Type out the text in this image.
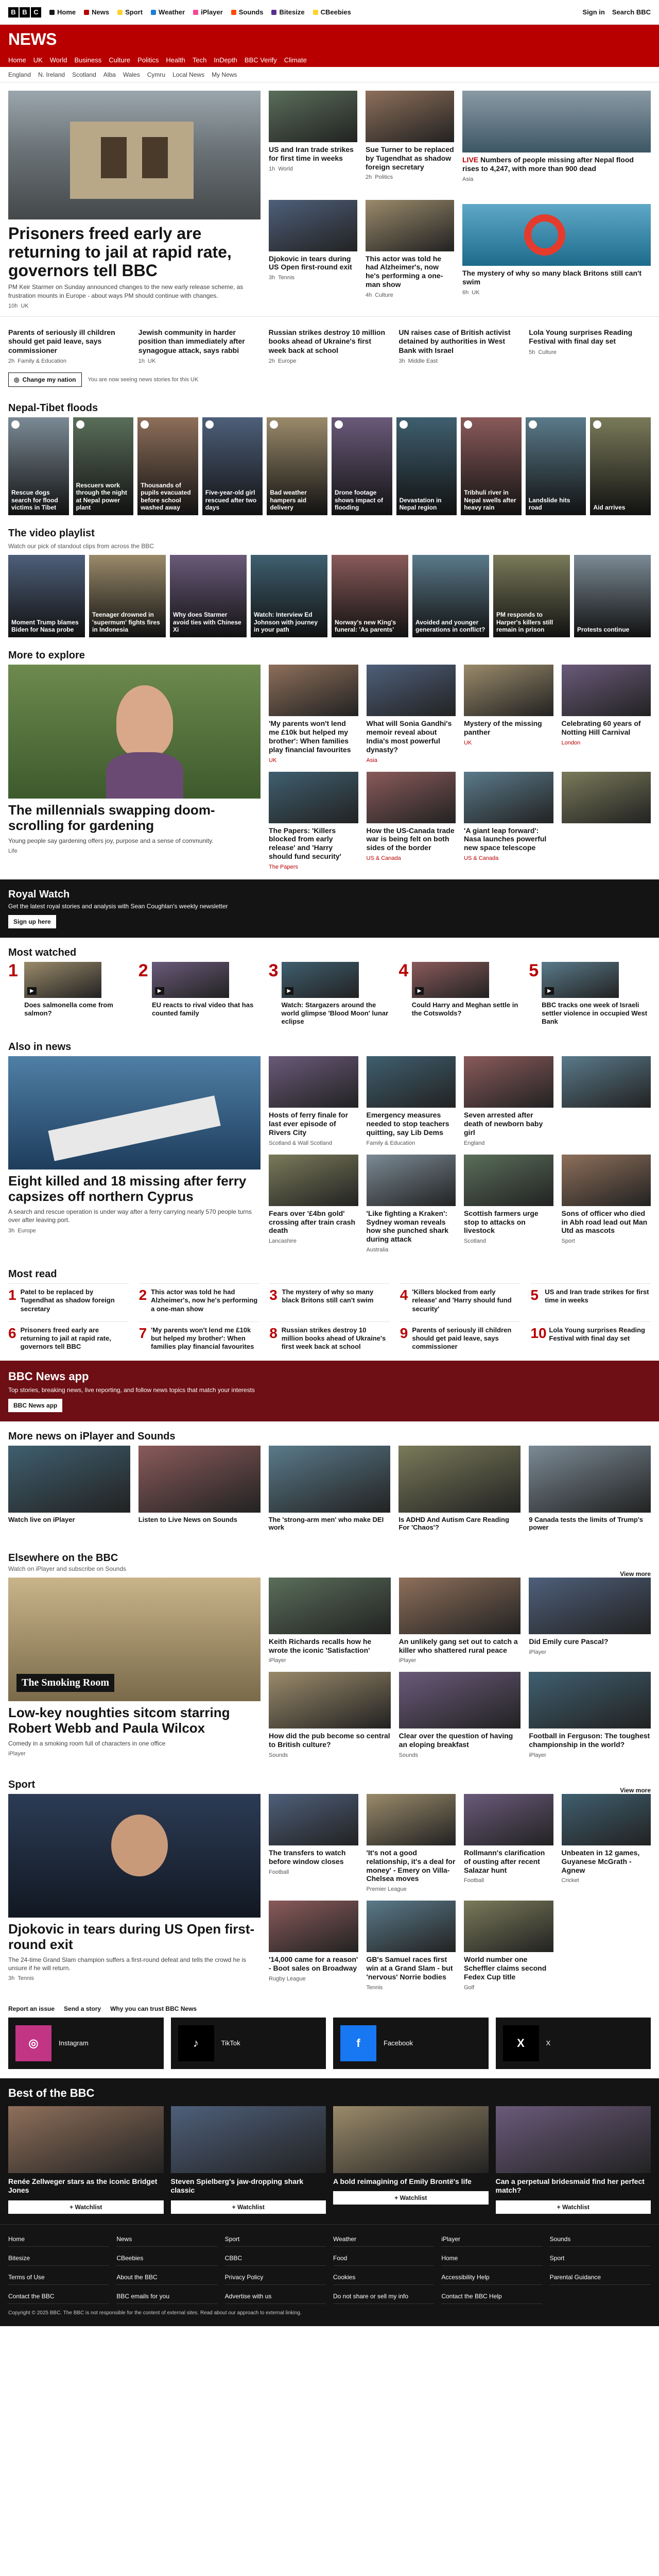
B B C	Home News Sport Weather iPlayer Sounds Bitesize CBeebies	Sign in Search BBC
NEWS
Home UK World Business Culture Politics Health Tech InDepth BBC Verify Climate
England N. Ireland Scotland Alba Wales Cymru Local News My News
Prisoners freed early are returning to jail at rapid rate, governors tell BBC

PM Keir Starmer on Sunday announced changes to the new early release scheme, as frustration mounts in Europe - about ways PM should continue with changes.

10h UK
US and Iran trade strikes for first time in weeks
1h World
Sue Turner to be replaced by Tugendhat as shadow foreign secretary
2h Politics
Djokovic in tears during US Open first-round exit
3h Tennis
This actor was told he had Alzheimer's, now he's performing a one-man show
4h Culture
LIVE Numbers of people missing after Nepal flood rises to 4,247, with more than 900 dead
Asia
The mystery of why so many black Britons still can't swim
6h UK
Parents of seriously ill children should get paid leave, says commissioner
2h Family & Education
Jewish community in harder position than immediately after synagogue attack, says rabbi
1h UK
Russian strikes destroy 10 million books ahead of Ukraine's first week back at school
2h Europe
UN raises case of British activist detained by authorities in West Bank with Israel
3h Middle East
Lola Young surprises Reading Festival with final day set
5h Culture
◎ Change my nation You are now seeing news stories for this UK
Nepal-Tibet floods
Rescue dogs search for flood victims in Tibet
Rescuers work through the night at Nepal power plant
Thousands of pupils evacuated before school washed away
Five-year-old girl rescued after two days
Bad weather hampers aid delivery
Drone footage shows impact of flooding
Devastation in Nepal region
Tribhuli river in Nepal swells after heavy rain
Landslide hits road	Aid arrives
The video playlist
Watch our pick of standout clips from across the BBC
Moment Trump blames Biden for Nasa probe
Teenager drowned in 'supermum' fights fires in Indonesia
Why does Starmer avoid ties with Chinese Xi
Watch: Interview Ed Johnson with journey in your path
Norway's new King's funeral: 'As parents'
Avoided and younger generations in conflict?
PM responds to Harper's killers still remain in prison	Protests continue
More to explore
The millennials swapping doom-scrolling for gardening

Young people say gardening offers joy, purpose and a sense of community.

Life
'My parents won't lend me £10k but helped my brother': When families play financial favourites
UK
What will Sonia Gandhi's memoir reveal about India's most powerful dynasty?
Asia
Mystery of the missing panther
UK
Celebrating 60 years of Notting Hill Carnival
London
The Papers: 'Killers blocked from early release' and 'Harry should fund security'
The Papers
How the US-Canada trade war is being felt on both sides of the border
US & Canada
'A giant leap forward': Nasa launches powerful new space telescope
US & Canada
Royal Watch

Get the latest royal stories and analysis with Sean Coughlan's weekly newsletter

Sign up here
Most watched
1
▶
Does salmonella come from salmon?
2
▶
EU reacts to rival video that has counted family
3
▶
Watch: Stargazers around the world glimpse 'Blood Moon' lunar eclipse
4
▶
Could Harry and Meghan settle in the Cotswolds?
5
▶
BBC tracks one week of Israeli settler violence in occupied West Bank
Also in news
Eight killed and 18 missing after ferry capsizes off northern Cyprus

A search and rescue operation is under way after a ferry carrying nearly 570 people turns over after leaving port.

3h Europe
Hosts of ferry finale for last ever episode of Rivers City
Scotland & Wall Scotland
Emergency measures needed to stop teachers quitting, say Lib Dems
Family & Education
Seven arrested after death of newborn baby girl
England
Fears over '£4bn gold' crossing after train crash death
Lancashire
'Like fighting a Kraken': Sydney woman reveals how she punched shark during attack
Australia
Scottish farmers urge stop to attacks on livestock
Scotland
Sons of officer who died in Abh road lead out Man Utd as mascots
Sport
Most read
1 Patel to be replaced by Tugendhat as shadow foreign secretary
2 This actor was told he had Alzheimer's, now he's performing a one-man show
3 The mystery of why so many black Britons still can't swim	4 'Killers blocked from early release' and 'Harry should fund security'
5 US and Iran trade strikes for first time in weeks
6 Prisoners freed early are returning to jail at rapid rate, governors tell BBC
7 'My parents won't lend me £10k but helped my brother': When families play financial favourites
8 Russian strikes destroy 10 million books ahead of Ukraine's first week back at school
9 Parents of seriously ill children should get paid leave, says commissioner
10 Lola Young surprises Reading Festival with final day set
BBC News app

Top stories, breaking news, live reporting, and follow news topics that match your interests

BBC News app
More news on iPlayer and Sounds
Watch live on iPlayer	Listen to Live News on Sounds	The 'strong-arm men' who make DEI work
Is ADHD And Autism Care Reading For 'Chaos'?
9 Canada tests the limits of Trump's power
Elsewhere on the BBC
Watch on iPlayer and subscribe on Sounds
View more
The Smoking Room
Low-key noughties sitcom starring Robert Webb and Paula Wilcox

Comedy in a smoking room full of characters in one office

iPlayer
Keith Richards recalls how he wrote the iconic 'Satisfaction'
iPlayer
An unlikely gang set out to catch a killer who shattered rural peace
iPlayer
Did Emily cure Pascal?
iPlayer
How did the pub become so central to British culture?
Sounds
Clear over the question of having an eloping breakfast
Sounds
Football in Ferguson: The toughest championship in the world?
iPlayer
Sport	View more
Djokovic in tears during US Open first-round exit

The 24-time Grand Slam champion suffers a first-round defeat and tells the crowd he is unsure if he will return.

3h Tennis
The transfers to watch before window closes
Football
'It's not a good relationship, it's a deal for money' - Emery on Villa-Chelsea moves
Premier League
Rollmann's clarification of ousting after recent Salazar hunt
Football
Unbeaten in 12 games, Guyanese McGrath - Agnew
Cricket
'14,000 came for a reason' - Boot sales on Broadway
Rugby League
GB's Samuel races first win at a Grand Slam - but 'nervous' Norrie bodies
Tennis
World number one Scheffler claims second Fedex Cup title
Golf
Report an issue Send a story Why you can trust BBC News
◎	Instagram	♪	TikTok	f	Facebook	X	X
Best of the BBC
Renée Zellweger stars as the iconic Bridget Jones
+ Watchlist
Steven Spielberg's jaw-dropping shark classic
+ Watchlist
A bold reimagining of Emily Brontë's life
+ Watchlist
Can a perpetual bridesmaid find her perfect match?
+ Watchlist
Home	News	Sport	Weather	iPlayer	Sounds
Bitesize	CBeebies	CBBC	Food	Home	Sport
Terms of Use	About the BBC	Privacy Policy	Cookies	Accessibility Help	Parental Guidance
Contact the BBC	BBC emails for you	Advertise with us	Do not share or sell my info	Contact the BBC Help
Copyright © 2025 BBC. The BBC is not responsible for the content of external sites. Read about our approach to external linking.
